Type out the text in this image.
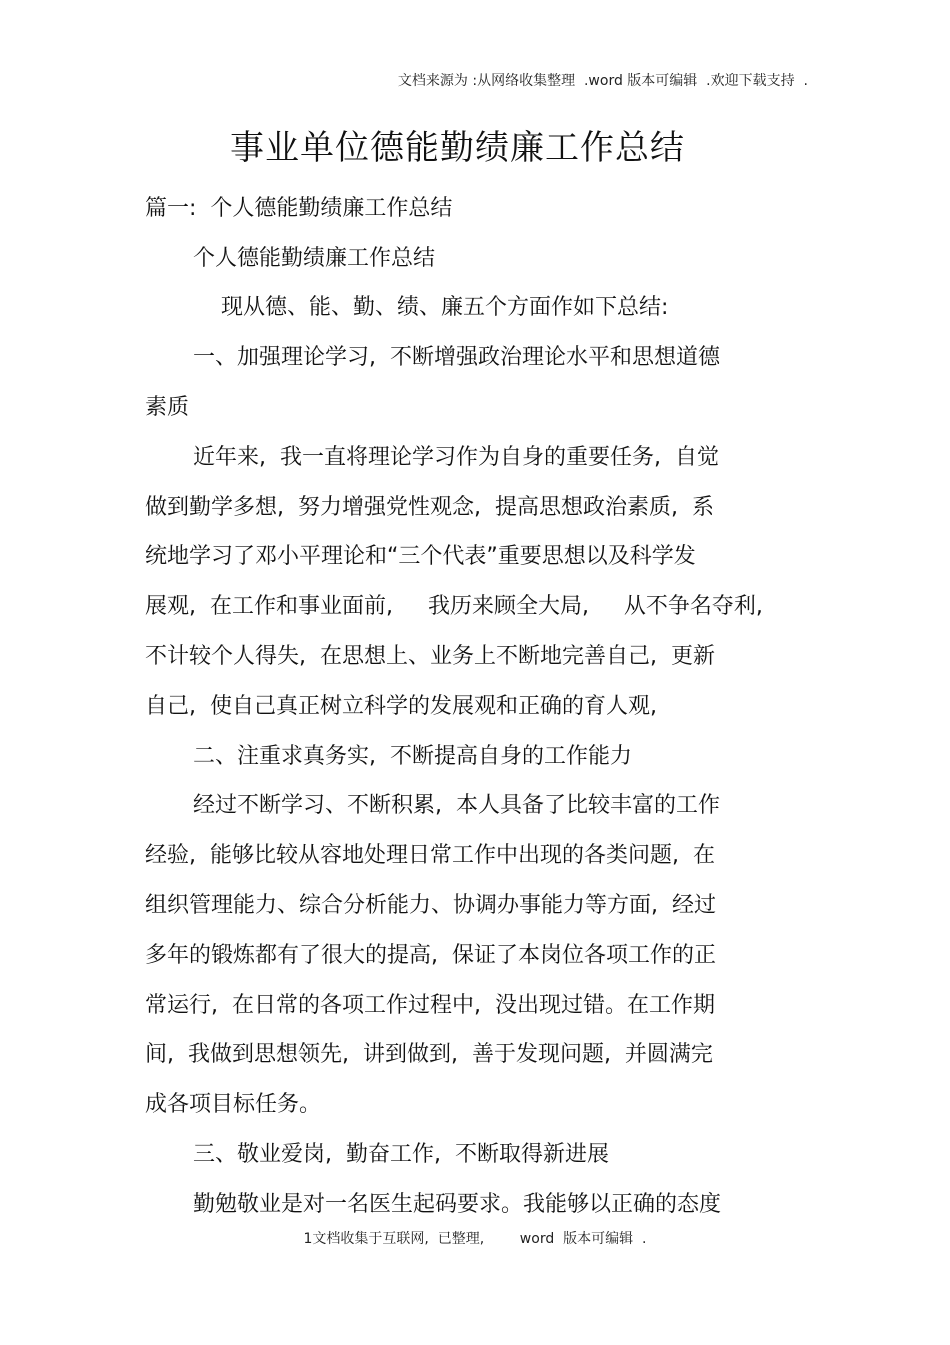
文档来源为 :从网络收集整理  .word 版本可编辑  .欢迎下载支持  .
事业单位德能勤绩廉工作总结

篇一:  个人德能勤绩廉工作总结

个人德能勤绩廉工作总结

现从德、能、勤、绩、廉五个方面作如下总结:

一、加强理论学习,  不断增强政治理论水平和思想道德

素质

近年来,  我一直将理论学习作为自身的重要任务,  自觉

做到勤学多想,  努力增强党性观念,  提高思想政治素质,  系

统地学习了邓小平理论和“三个代表”重要思想以及科学发

展观,  在工作和事业面前,     我历来顾全大局,     从不争名夺利,

不计较个人得失,  在思想上、业务上不断地完善自己,  更新

自己,  使自己真正树立科学的发展观和正确的育人观,

二、注重求真务实,  不断提高自身的工作能力

经过不断学习、不断积累,  本人具备了比较丰富的工作

经验,  能够比较从容地处理日常工作中出现的各类问题,  在

组织管理能力、综合分析能力、协调办事能力等方面,  经过

多年的锻炼都有了很大的提高,  保证了本岗位各项工作的正

常运行,  在日常的各项工作过程中,  没出现过错。在工作期

间,  我做到思想领先,  讲到做到,  善于发现问题,  并圆满完

成各项目标任务。

三、敬业爱岗,  勤奋工作,  不断取得新进展

勤勉敬业是对一名医生起码要求。我能够以正确的态度

1文档收集于互联网,  已整理,        word  版本可编辑  .
